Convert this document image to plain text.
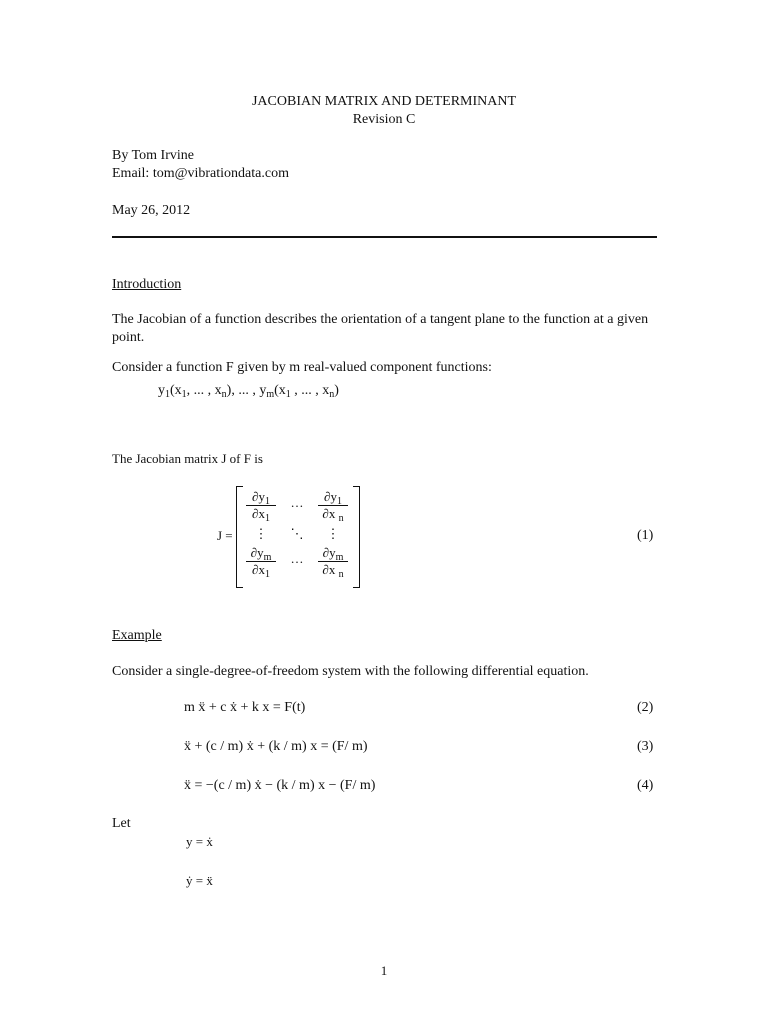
JACOBIAN MATRIX AND DETERMINANT
Revision C
By Tom Irvine
Email: tom@vibrationdata.com
May 26, 2012
Introduction
The Jacobian of a function describes the orientation of a tangent plane to the function at a given point.
Consider a function F given by m real-valued component functions:
$y_1(x_1$, ... , $x_n$), ... , $y_m(x_1$ , ... , $x_n$)
The Jacobian matrix J of F is
J =
$\frac{\partial y_1}{\partial x_1}$	…	$\frac{\partial y_1}{\partial x _n}$
⋮	⋱	⋮
$\frac{\partial y_m}{\partial x_1}$	…	$\frac{\partial y_m}{\partial x _n}$
(1)
Example
Consider a single-degree-of-freedom system with the following differential equation.
m ẍ + c ẋ + k x = F(t)	(2)
ẍ + (c / m) ẋ + (k / m) x = (F/ m)	(3)
ẍ = −(c / m) ẋ − (k / m) x − (F/ m)	(4)
Let
y = ẋ
ẏ = ẍ
1
